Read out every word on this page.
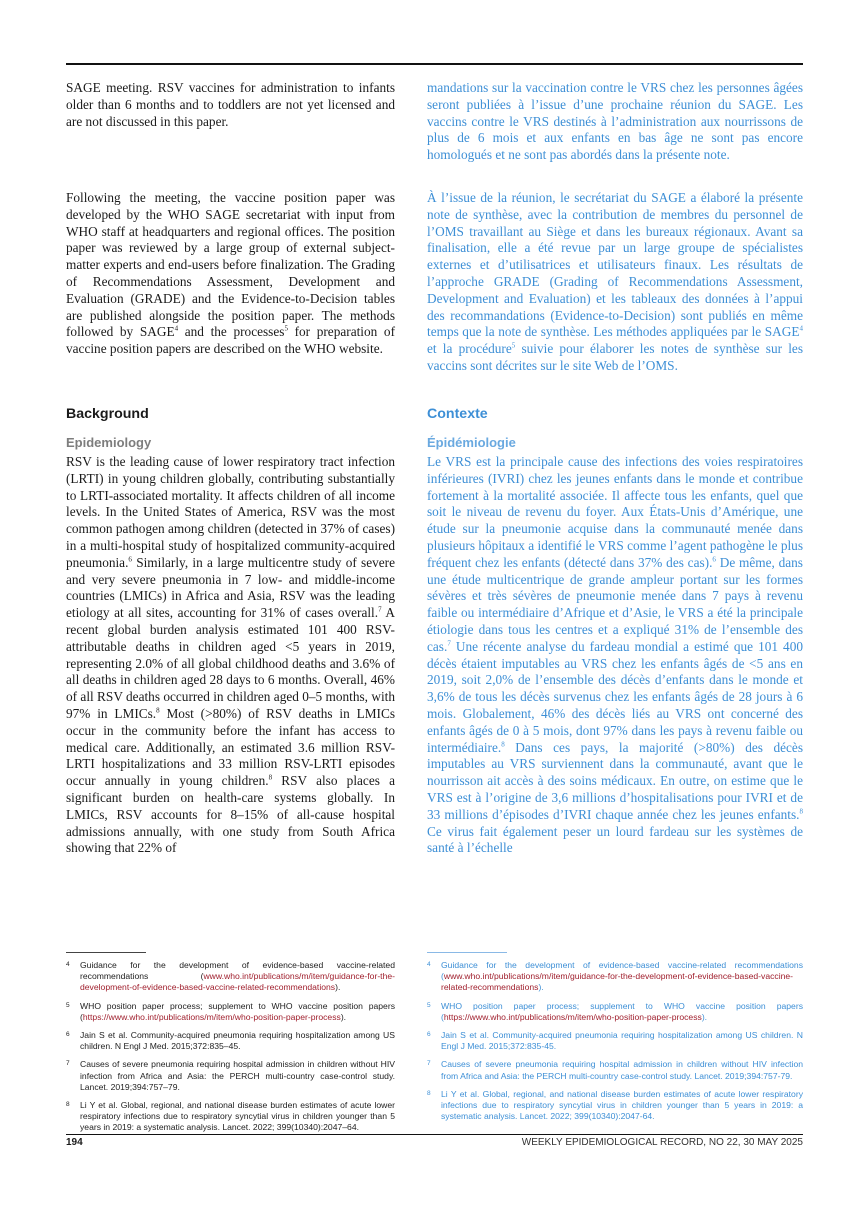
SAGE meeting. RSV vaccines for administration to infants older than 6 months and to toddlers are not yet licensed and are not discussed in this paper.

Following the meeting, the vaccine position paper was developed by the WHO SAGE secretariat with input from WHO staff at headquarters and regional offices. The position paper was reviewed by a large group of external subject-matter experts and end-users before finalization. The Grading of Recommendations Assessment, Development and Evaluation (GRADE) and the Evidence-to-Decision tables are published alongside the position paper. The methods followed by SAGE$^4$ and the processes$^5$ for preparation of vaccine position papers are described on the WHO website.

Background
Epidemiology

RSV is the leading cause of lower respiratory tract infection (LRTI) in young children globally, contributing substantially to LRTI-associated mortality. It affects children of all income levels. In the United States of America, RSV was the most common pathogen among children (detected in 37% of cases) in a multi-hospital study of hospitalized community-acquired pneumonia.$^6$ Similarly, in a large multicentre study of severe and very severe pneumonia in 7 low- and middle-income countries (LMICs) in Africa and Asia, RSV was the leading etiology at all sites, accounting for 31% of cases overall.$^7$ A recent global burden analysis estimated 101 400 RSV-attributable deaths in children aged <5 years in 2019, representing 2.0% of all global childhood deaths and 3.6% of all deaths in children aged 28 days to 6 months. Overall, 46% of all RSV deaths occurred in children aged 0–5 months, with 97% in LMICs.$^8$ Most (>80%) of RSV deaths in LMICs occur in the community before the infant has access to medical care. Additionally, an estimated 3.6 million RSV-LRTI hospitalizations and 33 million RSV-LRTI episodes occur annually in young children.$^8$ RSV also places a significant burden on health-care systems globally. In LMICs, RSV accounts for 8–15% of all-cause hospital admissions annually, with one study from South Africa showing that 22% of

mandations sur la vaccination contre le VRS chez les personnes âgées seront publiées à l’issue d’une prochaine réunion du SAGE. Les vaccins contre le VRS destinés à l’administration aux nourrissons de plus de 6 mois et aux enfants en bas âge ne sont pas encore homologués et ne sont pas abordés dans la présente note.

À l’issue de la réunion, le secrétariat du SAGE a élaboré la présente note de synthèse, avec la contribution de membres du personnel de l’OMS travaillant au Siège et dans les bureaux régionaux. Avant sa finalisation, elle a été revue par un large groupe de spécialistes externes et d’utilisatrices et utilisateurs finaux. Les résultats de l’approche GRADE (Grading of Recommendations Assessment, Development and Evaluation) et les tableaux des données à l’appui des recommandations (Evidence-to-Decision) sont publiés en même temps que la note de synthèse. Les méthodes appliquées par le SAGE$^4$ et la procédure$^5$ suivie pour élaborer les notes de synthèse sur les vaccins sont décrites sur le site Web de l’OMS.

Contexte
Épidémiologie

Le VRS est la principale cause des infections des voies respiratoires inférieures (IVRI) chez les jeunes enfants dans le monde et contribue fortement à la mortalité associée. Il affecte tous les enfants, quel que soit le niveau de revenu du foyer. Aux États-Unis d’Amérique, une étude sur la pneumonie acquise dans la communauté menée dans plusieurs hôpitaux a identifié le VRS comme l’agent pathogène le plus fréquent chez les enfants (détecté dans 37% des cas).$^6$ De même, dans une étude multicentrique de grande ampleur portant sur les formes sévères et très sévères de pneumonie menée dans 7 pays à revenu faible ou intermédiaire d’Afrique et d’Asie, le VRS a été la principale étiologie dans tous les centres et a expliqué 31% de l’ensemble des cas.$^7$ Une récente analyse du fardeau mondial a estimé que 101 400 décès étaient imputables au VRS chez les enfants âgés de <5 ans en 2019, soit 2,0% de l’ensemble des décès d’enfants dans le monde et 3,6% de tous les décès survenus chez les enfants âgés de 28 jours à 6 mois. Globalement, 46% des décès liés au VRS ont concerné des enfants âgés de 0 à 5 mois, dont 97% dans les pays à revenu faible ou intermédiaire.$^8$ Dans ces pays, la majorité (>80%) des décès imputables au VRS surviennent dans la communauté, avant que le nourrisson ait accès à des soins médicaux. En outre, on estime que le VRS est à l’origine de 3,6 millions d’hospitalisations pour IVRI et de 33 millions d’épisodes d’IVRI chaque année chez les jeunes enfants.$^8$ Ce virus fait également peser un lourd fardeau sur les systèmes de santé à l’échelle

4 Guidance for the development of evidence-based vaccine-related recommendations (www.who.int/publications/m/item/guidance-for-the-development-of-evidence-based-vaccine-related-recommendations).
5 WHO position paper process; supplement to WHO vaccine position papers (https://www.who.int/publications/m/item/who-position-paper-process).
6 Jain S et al. Community-acquired pneumonia requiring hospitalization among US children. N Engl J Med. 2015;372:835–45.
7 Causes of severe pneumonia requiring hospital admission in children without HIV infection from Africa and Asia: the PERCH multi-country case-control study. Lancet. 2019;394:757–79.
8 Li Y et al. Global, regional, and national disease burden estimates of acute lower respiratory infections due to respiratory syncytial virus in children younger than 5 years in 2019: a systematic analysis. Lancet. 2022; 399(10340):2047–64.
4 Guidance for the development of evidence-based vaccine-related recommendations (www.who.int/publications/m/item/guidance-for-the-development-of-evidence-based-vaccine-related-recommendations).
5 WHO position paper process; supplement to WHO vaccine position papers (https://www.who.int/publications/m/item/who-position-paper-process).
6 Jain S et al. Community-acquired pneumonia requiring hospitalization among US children. N Engl J Med. 2015;372:835-45.
7 Causes of severe pneumonia requiring hospital admission in children without HIV infection from Africa and Asia: the PERCH multi-country case-control study. Lancet. 2019;394:757-79.
8 Li Y et al. Global, regional, and national disease burden estimates of acute lower respiratory infections due to respiratory syncytial virus in children younger than 5 years in 2019: a systematic analysis. Lancet. 2022; 399(10340):2047-64.
194	WEEKLY EPIDEMIOLOGICAL RECORD, NO 22, 30 MAY 2025
